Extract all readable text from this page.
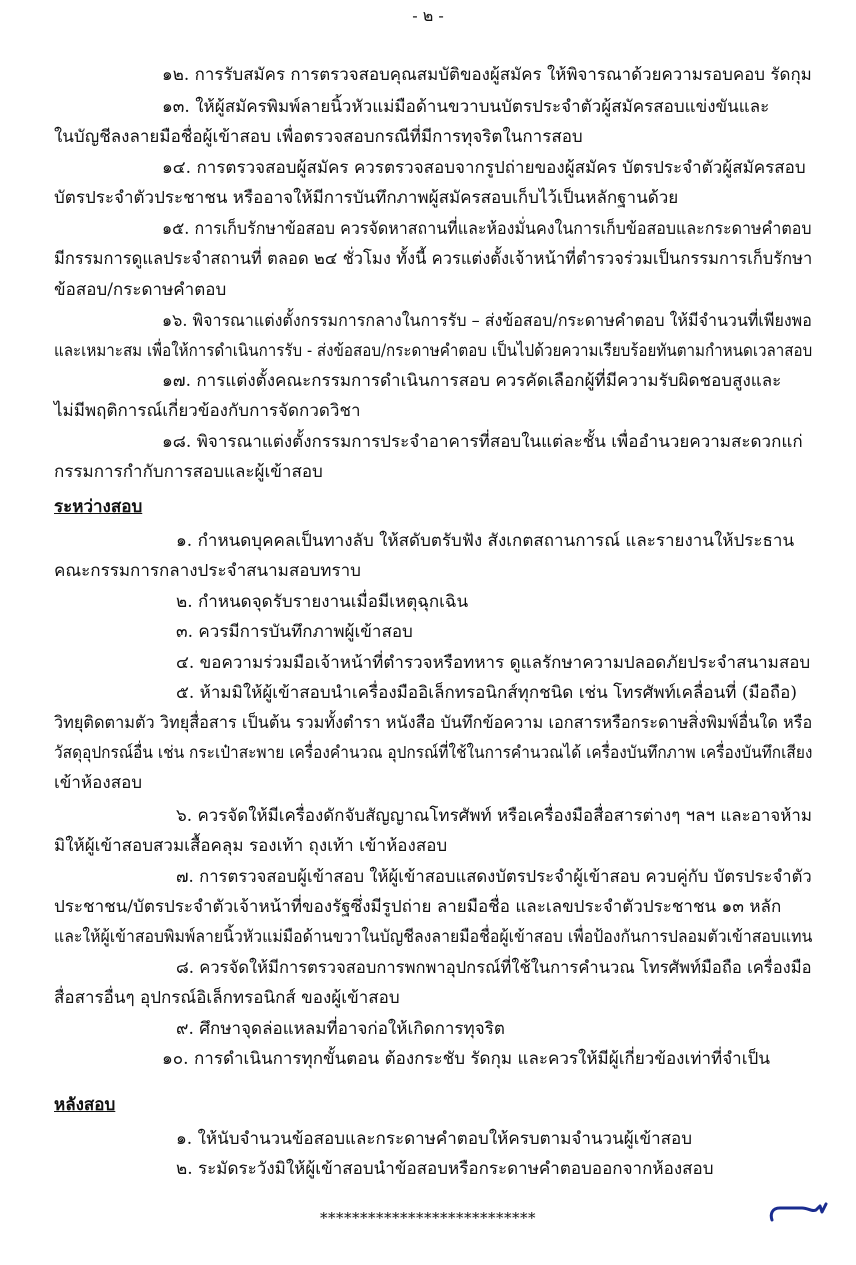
- ๒ -
๑๒. การรับสมัคร การตรวจสอบคุณสมบัติของผู้สมัคร ให้พิจารณาด้วยความรอบคอบ รัดกุม
๑๓. ให้ผู้สมัครพิมพ์ลายนิ้วหัวแม่มือด้านขวาบนบัตรประจำตัวผู้สมัครสอบแข่งขันและ
ในบัญชีลงลายมือชื่อผู้เข้าสอบ เพื่อตรวจสอบกรณีที่มีการทุจริตในการสอบ
๑๔. การตรวจสอบผู้สมัคร ควรตรวจสอบจากรูปถ่ายของผู้สมัคร บัตรประจำตัวผู้สมัครสอบ
บัตรประจำตัวประชาชน หรืออาจให้มีการบันทึกภาพผู้สมัครสอบเก็บไว้เป็นหลักฐานด้วย
๑๕. การเก็บรักษาข้อสอบ ควรจัดหาสถานที่และห้องมั่นคงในการเก็บข้อสอบและกระดาษคำตอบ
มีกรรมการดูแลประจำสถานที่ ตลอด ๒๔ ชั่วโมง ทั้งนี้ ควรแต่งตั้งเจ้าหน้าที่ตำรวจร่วมเป็นกรรมการเก็บรักษา
ข้อสอบ/กระดาษคำตอบ
๑๖. พิจารณาแต่งตั้งกรรมการกลางในการรับ – ส่งข้อสอบ/กระดาษคำตอบ ให้มีจำนวนที่เพียงพอ
และเหมาะสม เพื่อให้การดำเนินการรับ - ส่งข้อสอบ/กระดาษคำตอบ เป็นไปด้วยความเรียบร้อยทันตามกำหนดเวลาสอบ
๑๗. การแต่งตั้งคณะกรรมการดำเนินการสอบ ควรคัดเลือกผู้ที่มีความรับผิดชอบสูงและ
ไม่มีพฤติการณ์เกี่ยวข้องกับการจัดกวดวิชา
๑๘. พิจารณาแต่งตั้งกรรมการประจำอาคารที่สอบในแต่ละชั้น เพื่ออำนวยความสะดวกแก่
กรรมการกำกับการสอบและผู้เข้าสอบ
ระหว่างสอบ
๑. กำหนดบุคคลเป็นทางลับ ให้สดับตรับฟัง สังเกตสถานการณ์ และรายงานให้ประธาน
คณะกรรมการกลางประจำสนามสอบทราบ
๒. กำหนดจุดรับรายงานเมื่อมีเหตุฉุกเฉิน
๓. ควรมีการบันทึกภาพผู้เข้าสอบ
๔. ขอความร่วมมือเจ้าหน้าที่ตำรวจหรือทหาร ดูแลรักษาความปลอดภัยประจำสนามสอบ
๕. ห้ามมิให้ผู้เข้าสอบนำเครื่องมืออิเล็กทรอนิกส์ทุกชนิด เช่น โทรศัพท์เคลื่อนที่ (มือถือ)
วิทยุติดตามตัว วิทยุสื่อสาร เป็นต้น รวมทั้งตำรา หนังสือ บันทึกข้อความ เอกสารหรือกระดาษสิ่งพิมพ์อื่นใด หรือ
วัสดุอุปกรณ์อื่น เช่น กระเป๋าสะพาย เครื่องคำนวณ อุปกรณ์ที่ใช้ในการคำนวณได้ เครื่องบันทึกภาพ เครื่องบันทึกเสียง
เข้าห้องสอบ
๖. ควรจัดให้มีเครื่องดักจับสัญญาณโทรศัพท์ หรือเครื่องมือสื่อสารต่างๆ ฯลฯ และอาจห้าม
มิให้ผู้เข้าสอบสวมเสื้อคลุม รองเท้า ถุงเท้า เข้าห้องสอบ
๗. การตรวจสอบผู้เข้าสอบ ให้ผู้เข้าสอบแสดงบัตรประจำผู้เข้าสอบ ควบคู่กับ บัตรประจำตัว
ประชาชน/บัตรประจำตัวเจ้าหน้าที่ของรัฐซึ่งมีรูปถ่าย ลายมือชื่อ และเลขประจำตัวประชาชน ๑๓ หลัก
และให้ผู้เข้าสอบพิมพ์ลายนิ้วหัวแม่มือด้านขวาในบัญชีลงลายมือชื่อผู้เข้าสอบ เพื่อป้องกันการปลอมตัวเข้าสอบแทน
๘. ควรจัดให้มีการตรวจสอบการพกพาอุปกรณ์ที่ใช้ในการคำนวณ โทรศัพท์มือถือ เครื่องมือ
สื่อสารอื่นๆ อุปกรณ์อิเล็กทรอนิกส์ ของผู้เข้าสอบ
๙. ศึกษาจุดล่อแหลมที่อาจก่อให้เกิดการทุจริต
๑๐. การดำเนินการทุกขั้นตอน ต้องกระชับ รัดกุม และควรให้มีผู้เกี่ยวข้องเท่าที่จำเป็น
หลังสอบ
๑. ให้นับจำนวนข้อสอบและกระดาษคำตอบให้ครบตามจำนวนผู้เข้าสอบ
๒. ระมัดระวังมิให้ผู้เข้าสอบนำข้อสอบหรือกระดาษคำตอบออกจากห้องสอบ
***************************
